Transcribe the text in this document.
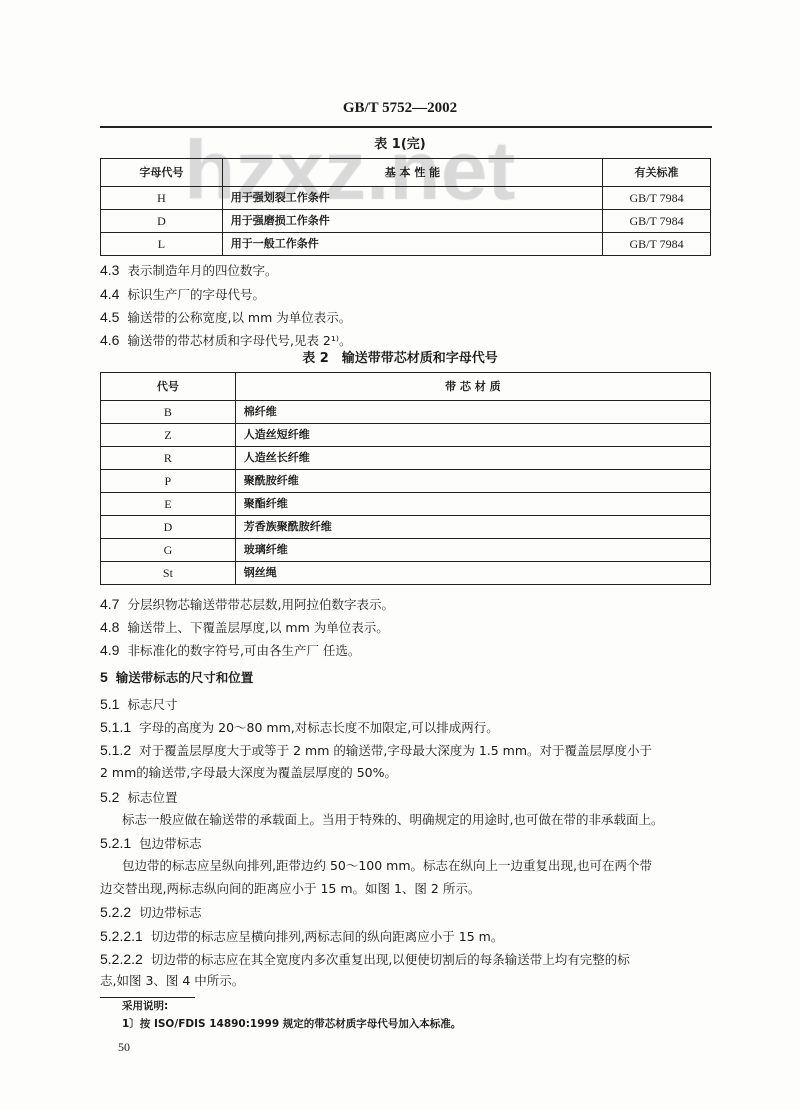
GB/T 5752—2002
表 1(完)
字母代号	基 本 性 能	有关标准
H	用于强划裂工作条件	GB/T 7984
D	用于强磨损工作条件	GB/T 7984
L	用于一般工作条件	GB/T 7984
4.3 表示制造年月的四位数字。
4.4 标识生产厂的字母代号。
4.5 输送带的公称宽度,以 mm 为单位表示。
4.6 输送带的带芯材质和字母代号,见表 2¹⁾。
表 2　输送带带芯材质和字母代号
代号	带 芯 材 质
B	棉纤维
Z	人造丝短纤维
R	人造丝长纤维
P	聚酰胺纤维
E	聚酯纤维
D	芳香族聚酰胺纤维
G	玻璃纤维
St	钢丝绳
4.7 分层织物芯输送带带芯层数,用阿拉伯数字表示。
4.8 输送带上、下覆盖层厚度,以 mm 为单位表示。
4.9 非标准化的数字符号,可由各生产厂 任选。
5 输送带标志的尺寸和位置
5.1 标志尺寸
5.1.1 字母的高度为 20～80 mm,对标志长度不加限定,可以排成两行。
5.1.2 对于覆盖层厚度大于或等于 2 mm 的输送带,字母最大深度为 1.5 mm。对于覆盖层厚度小于
2 mm的输送带,字母最大深度为覆盖层厚度的 50%。
5.2 标志位置
标志一般应做在输送带的承载面上。当用于特殊的、明确规定的用途时,也可做在带的非承载面上。
5.2.1 包边带标志
包边带的标志应呈纵向排列,距带边约 50～100 mm。标志在纵向上一边重复出现,也可在两个带
边交替出现,两标志纵向间的距离应小于 15 m。如图 1、图 2 所示。
5.2.2 切边带标志
5.2.2.1 切边带的标志应呈横向排列,两标志间的纵向距离应小于 15 m。
5.2.2.2 切边带的标志应在其全宽度内多次重复出现,以便使切割后的每条输送带上均有完整的标
志,如图 3、图 4 中所示。
采用说明:
1〕按 ISO/FDIS 14890:1999 规定的带芯材质字母代号加入本标准。
50
